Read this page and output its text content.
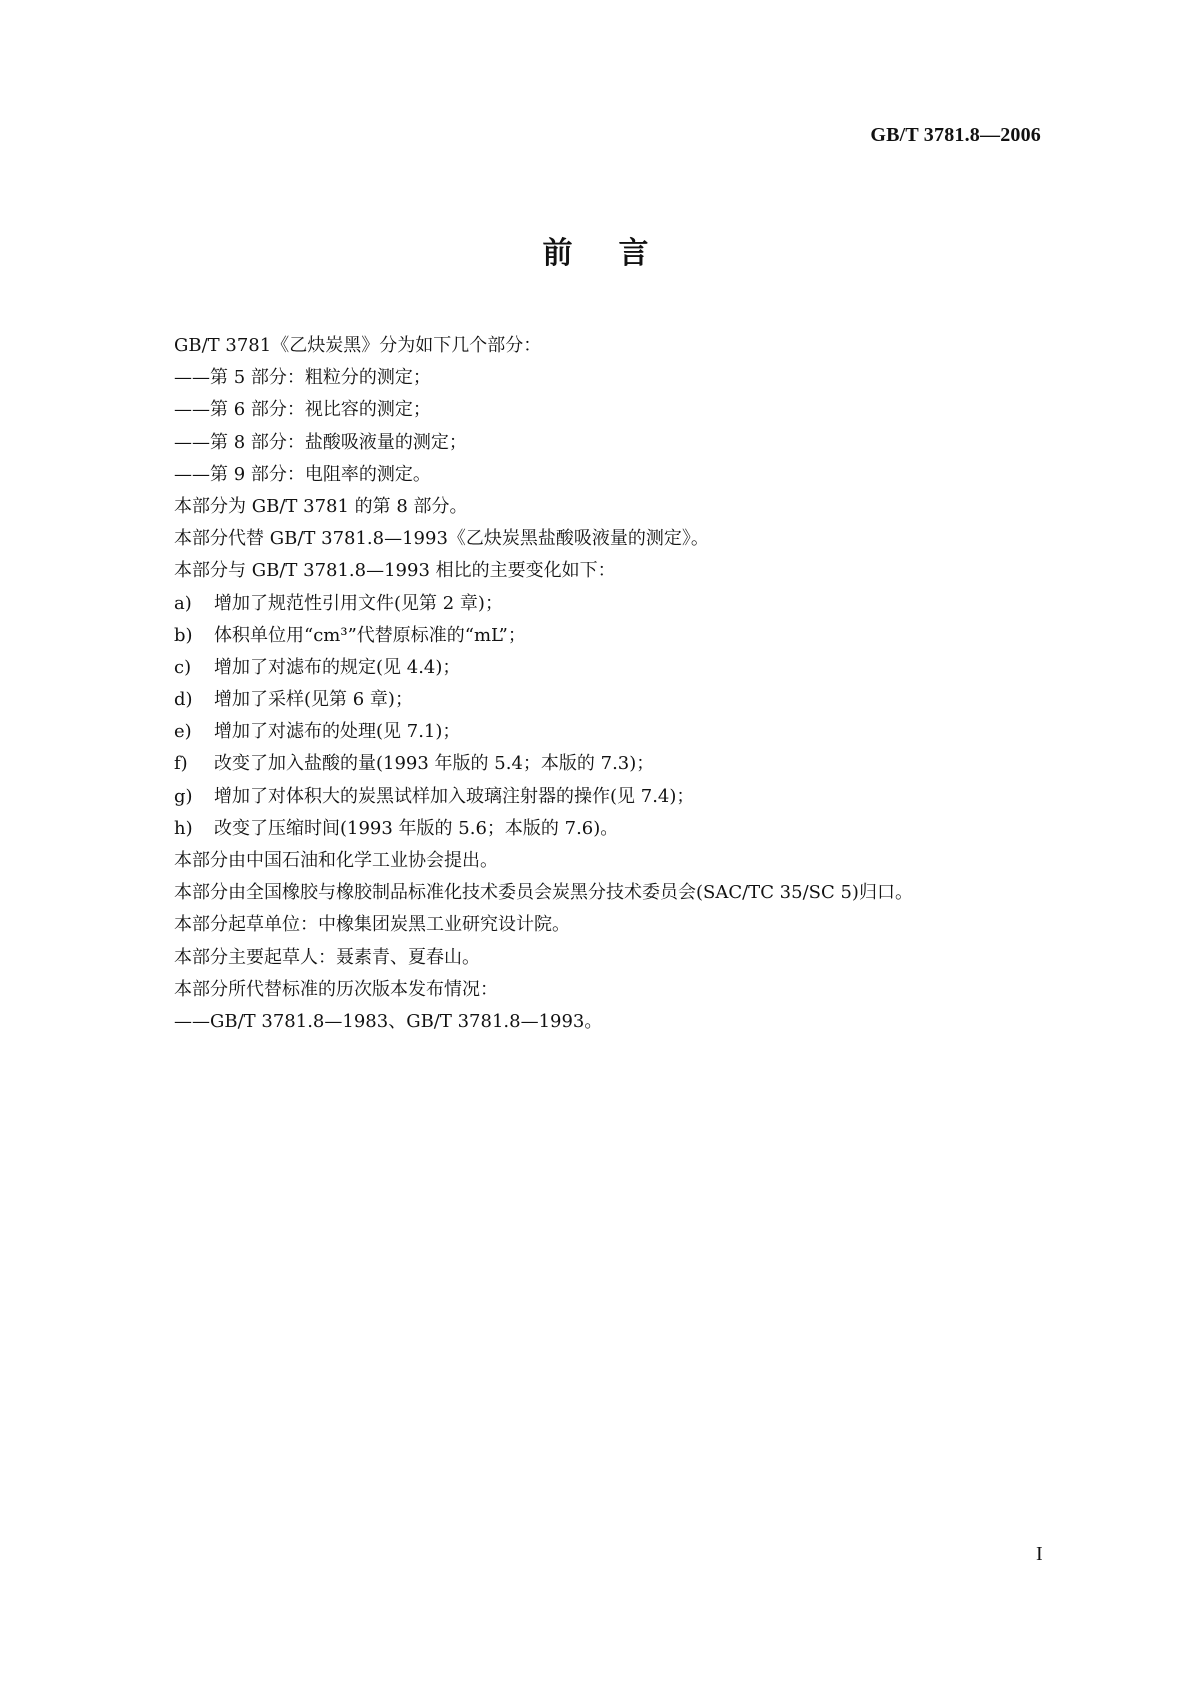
GB/T 3781.8—2006
前言
GB/T 3781《乙炔炭黑》分为如下几个部分：
——第 5 部分：粗粒分的测定；
——第 6 部分：视比容的测定；
——第 8 部分：盐酸吸液量的测定；
——第 9 部分：电阻率的测定。
本部分为 GB/T 3781 的第 8 部分。
本部分代替 GB/T 3781.8—1993《乙炔炭黑盐酸吸液量的测定》。
本部分与 GB/T 3781.8—1993 相比的主要变化如下：
a)	增加了规范性引用文件(见第 2 章)；
b)	体积单位用“cm³”代替原标准的“mL”；
c)	增加了对滤布的规定(见 4.4)；
d)	增加了采样(见第 6 章)；
e)	增加了对滤布的处理(见 7.1)；
f)	改变了加入盐酸的量(1993 年版的 5.4；本版的 7.3)；
g)	增加了对体积大的炭黑试样加入玻璃注射器的操作(见 7.4)；
h)	改变了压缩时间(1993 年版的 5.6；本版的 7.6)。
本部分由中国石油和化学工业协会提出。
本部分由全国橡胶与橡胶制品标准化技术委员会炭黑分技术委员会(SAC/TC 35/SC 5)归口。
本部分起草单位：中橡集团炭黑工业研究设计院。
本部分主要起草人：聂素青、夏春山。
本部分所代替标准的历次版本发布情况：
——GB/T 3781.8—1983、GB/T 3781.8—1993。
I
